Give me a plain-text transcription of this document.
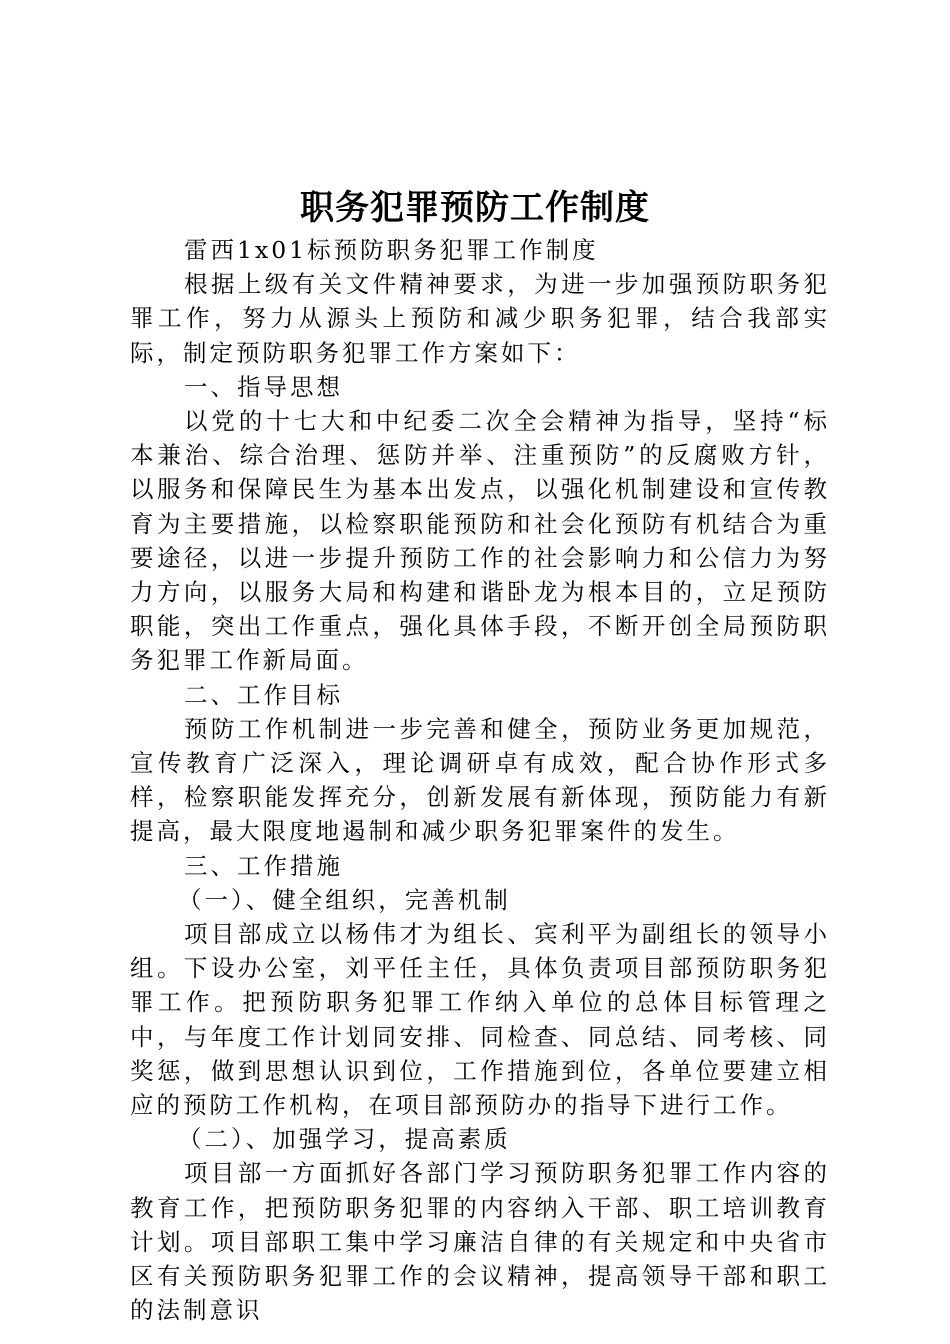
职务犯罪预防工作制度

雷西1x01标预防职务犯罪工作制度

根据上级有关文件精神要求，为进一步加强预防职务犯罪工作，努力从源头上预防和减少职务犯罪，结合我部实际，制定预防职务犯罪工作方案如下：

一、指导思想

以党的十七大和中纪委二次全会精神为指导，坚持“标本兼治、综合治理、惩防并举、注重预防”的反腐败方针，以服务和保障民生为基本出发点，以强化机制建设和宣传教育为主要措施，以检察职能预防和社会化预防有机结合为重要途径，以进一步提升预防工作的社会影响力和公信力为努力方向，以服务大局和构建和谐卧龙为根本目的，立足预防职能，突出工作重点，强化具体手段，不断开创全局预防职务犯罪工作新局面。

二、工作目标

预防工作机制进一步完善和健全，预防业务更加规范，宣传教育广泛深入，理论调研卓有成效，配合协作形式多样，检察职能发挥充分，创新发展有新体现，预防能力有新提高，最大限度地遏制和减少职务犯罪案件的发生。

三、工作措施

（一）、健全组织，完善机制

项目部成立以杨伟才为组长、宾利平为副组长的领导小组。下设办公室，刘平任主任，具体负责项目部预防职务犯罪工作。把预防职务犯罪工作纳入单位的总体目标管理之中，与年度工作计划同安排、同检查、同总结、同考核、同奖惩，做到思想认识到位，工作措施到位，各单位要建立相应的预防工作机构，在项目部预防办的指导下进行工作。

（二）、加强学习，提高素质

项目部一方面抓好各部门学习预防职务犯罪工作内容的教育工作，把预防职务犯罪的内容纳入干部、职工培训教育计划。项目部职工集中学习廉洁自律的有关规定和中央省市区有关预防职务犯罪工作的会议精神，提高领导干部和职工的法制意识
